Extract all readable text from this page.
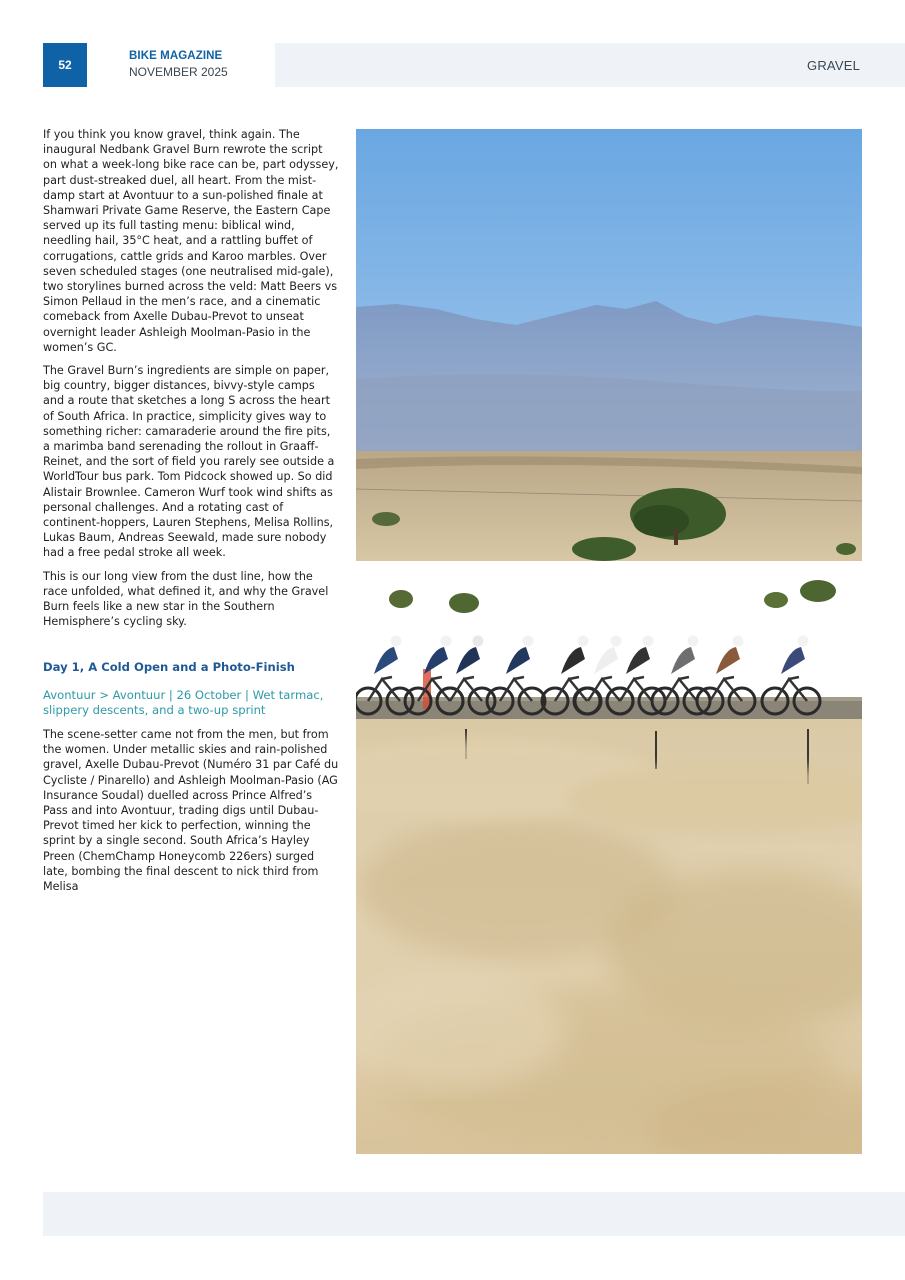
52
BIKE MAGAZINE
NOVEMBER 2025	GRAVEL

If you think you know gravel, think again. The inaugural Nedbank Gravel Burn rewrote the script on what a week-long bike race can be, part odyssey, part dust-streaked duel, all heart. From the mist-damp start at Avontuur to a sun-polished finale at Shamwari Private Game Reserve, the Eastern Cape served up its full tasting menu: biblical wind, needling hail, 35°C heat, and a rattling buffet of corrugations, cattle grids and Karoo marbles. Over seven scheduled stages (one neutralised mid-gale), two storylines burned across the veld: Matt Beers vs Simon Pellaud in the men’s race, and a cinematic comeback from Axelle Dubau-Prevot to unseat overnight leader Ashleigh Moolman-Pasio in the women’s GC.

The Gravel Burn’s ingredients are simple on paper, big country, bigger distances, bivvy-style camps and a route that sketches a long S across the heart of South Africa. In practice, simplicity gives way to something richer: camaraderie around the fire pits, a marimba band serenading the rollout in Graaff-Reinet, and the sort of field you rarely see outside a WorldTour bus park. Tom Pidcock showed up. So did Alistair Brownlee. Cameron Wurf took wind shifts as personal challenges. And a rotating cast of continent-hoppers, Lauren Stephens, Melisa Rollins, Lukas Baum, Andreas Seewald, made sure nobody had a free pedal stroke all week.

This is our long view from the dust line, how the race unfolded, what defined it, and why the Gravel Burn feels like a new star in the Southern Hemisphere’s cycling sky.

Day 1, A Cold Open and a Photo-Finish
Avontuur > Avontuur | 26 October | Wet tarmac, slippery descents, and a two-up sprint

The scene-setter came not from the men, but from the women. Under metallic skies and rain-polished gravel, Axelle Dubau-Prevot (Numéro 31 par Café du Cycliste / Pinarello) and Ashleigh Moolman-Pasio (AG Insurance Soudal) duelled across Prince Alfred’s Pass and into Avontuur, trading digs until Dubau-Prevot timed her kick to perfection, winning the sprint by a single second. South Africa’s Hayley Preen (ChemChamp Honeycomb 226ers) surged late, bombing the final descent to nick third from Melisa
